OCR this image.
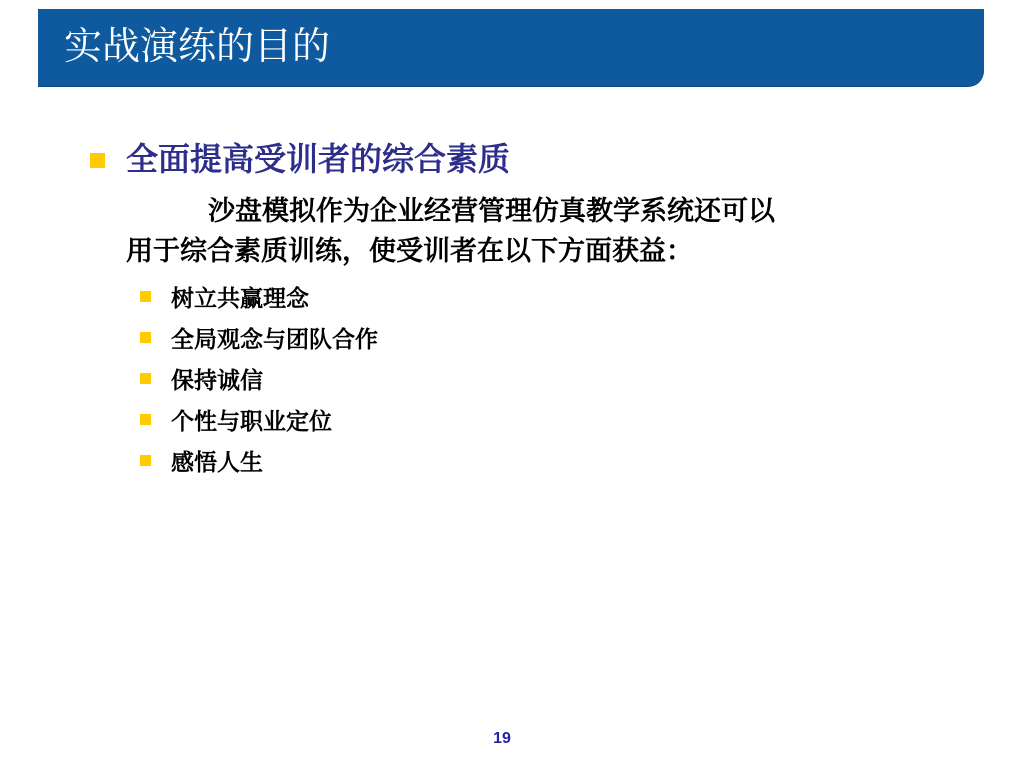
实战演练的目的
全面提高受训者的综合素质
沙盘模拟作为企业经营管理仿真教学系统还可以
用于综合素质训练，使受训者在以下方面获益：
树立共赢理念
全局观念与团队合作
保持诚信
个性与职业定位
感悟人生
19
